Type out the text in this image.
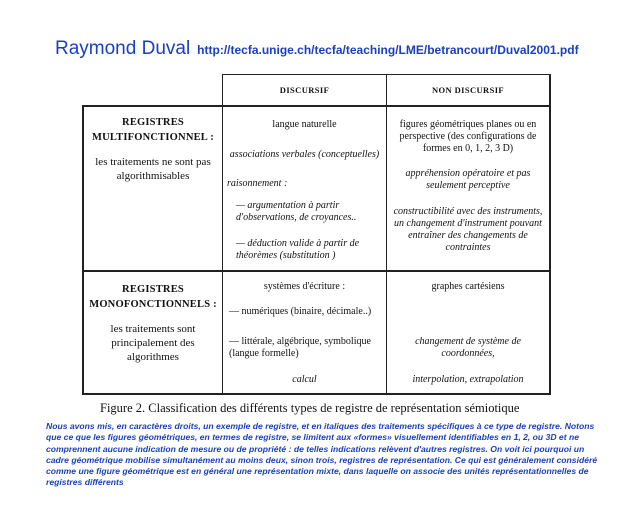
Raymond Duval http://tecfa.unige.ch/tecfa/teaching/LME/betrancourt/Duval2001.pdf
DISCURSIF	NON DISCURSIF
REGISTRES
MULTIFONCTIONNEL :
les traitements ne sont pas algorithmisables
langue naturelle
associations verbales (conceptuelles)
raisonnement :
— argumentation à partir d'observations, de croyances..
— déduction valide à partir de théorèmes (substitution )
figures géométriques planes ou en perspective (des configurations de formes en 0, 1, 2, 3 D)
appréhension opératoire et pas seulement perceptive
constructibilité avec des instruments, un changement d'instrument pouvant entraîner des changements de contraintes
REGISTRES
MONOFONCTIONNELS :
les traitements sont principalement des algorithmes
systèmes d'écriture :
— numériques (binaire, décimale..)
— littérale, algébrique, symbolique (langue formelle)
calcul
graphes cartésiens
changement de système de coordonnées,
interpolation, extrapolation
Figure 2. Classification des différents types de registre de représentation sémiotique
Nous avons mis, en caractères droits, un exemple de registre, et en italiques des traitements spécifiques à ce type de registre. Notons que ce que les figures géométriques, en termes de registre, se limitent aux «formes» visuellement identifiables en 1, 2, ou 3D et ne comprennent aucune indication de mesure ou de propriété : de telles indications relèvent d'autres registres. On voit ici pourquoi un cadre géométrique mobilise simultanément au moins deux, sinon trois, registres de représentation. Ce qui est généralement considéré comme une figure géométrique est en général une représentation mixte, dans laquelle on associe des unités représentationnelles de registres différents
